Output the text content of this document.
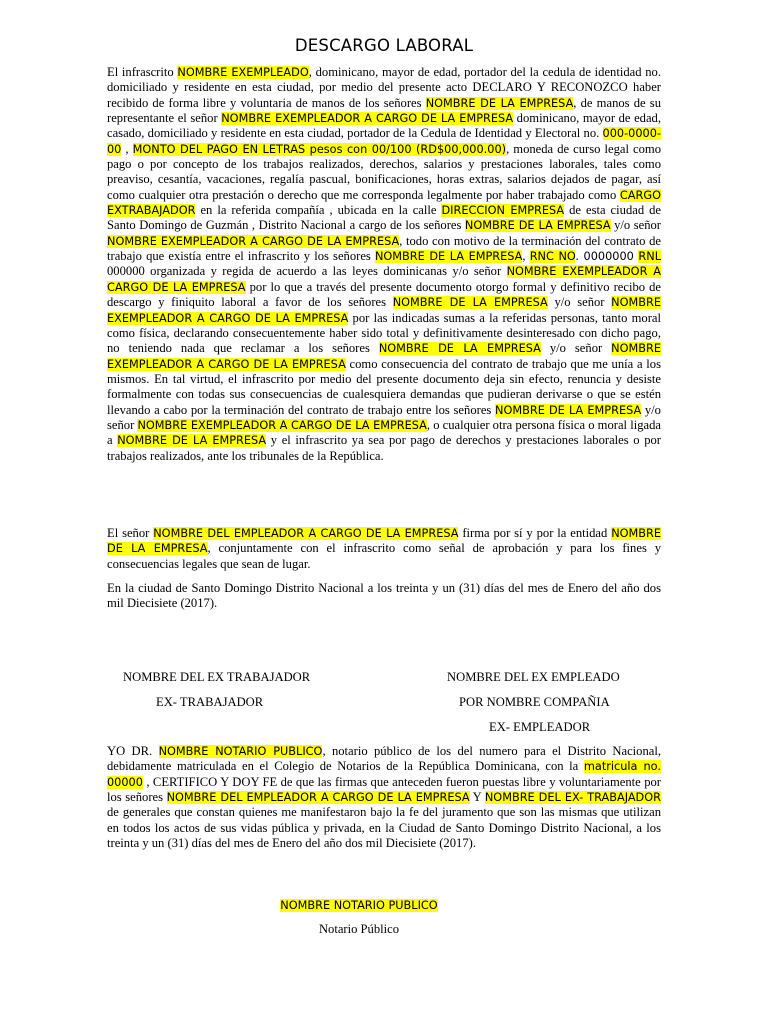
DESCARGO LABORAL
El infrascrito NOMBRE EXEMPLEADO, dominicano, mayor de edad, portador del la cedula de identidad no. domiciliado y residente en esta ciudad, por medio del presente acto DECLARO Y RECONOZCO haber recibido de forma libre y voluntaria de manos de los señores NOMBRE DE LA EMPRESA, de manos de su representante el señor NOMBRE EXEMPLEADOR A CARGO DE LA EMPRESA dominicano, mayor de edad, casado, domiciliado y residente en esta ciudad, portador de la Cedula de Identidad y Electoral no. 000-0000-00 , MONTO DEL PAGO EN LETRAS pesos con 00/100 (RD$00,000.00), moneda de curso legal como pago o por concepto de los trabajos realizados, derechos, salarios y prestaciones laborales, tales como preaviso, cesantía, vacaciones, regalía pascual, bonificaciones, horas extras, salarios dejados de pagar, así como cualquier otra prestación o derecho que me corresponda legalmente por haber trabajado como CARGO EXTRABAJADOR en la referida compañía , ubicada en la calle DIRECCION EMPRESA de esta ciudad de Santo Domingo de Guzmán , Distrito Nacional a cargo de los señores NOMBRE DE LA EMPRESA y/o señor NOMBRE EXEMPLEADOR A CARGO DE LA EMPRESA, todo con motivo de la terminación del contrato de trabajo que existía entre el infrascrito y los señores NOMBRE DE LA EMPRESA, RNC NO. 0000000 RNL 000000 organizada y regida de acuerdo a las leyes dominicanas y/o señor NOMBRE EXEMPLEADOR A CARGO DE LA EMPRESA por lo que a través del presente documento otorgo formal y definitivo recibo de descargo y finiquito laboral a favor de los señores NOMBRE DE LA EMPRESA y/o señor NOMBRE EXEMPLEADOR A CARGO DE LA EMPRESA por las indicadas sumas a la referidas personas, tanto moral como física, declarando consecuentemente haber sido total y definitivamente desinteresado con dicho pago, no teniendo nada que reclamar a los señores NOMBRE DE LA EMPRESA y/o señor NOMBRE EXEMPLEADOR A CARGO DE LA EMPRESA como consecuencia del contrato de trabajo que me unía a los mismos. En tal virtud, el infrascrito por medio del presente documento deja sin efecto, renuncia y desiste formalmente con todas sus consecuencias de cualesquiera demandas que pudieran derivarse o que se estén llevando a cabo por la terminación del contrato de trabajo entre los señores NOMBRE DE LA EMPRESA y/o señor NOMBRE EXEMPLEADOR A CARGO DE LA EMPRESA, o cualquier otra persona física o moral ligada a NOMBRE DE LA EMPRESA y el infrascrito ya sea por pago de derechos y prestaciones laborales o por trabajos realizados, ante los tribunales de la República.
El señor NOMBRE DEL EMPLEADOR A CARGO DE LA EMPRESA firma por sí y por la entidad NOMBRE DE LA EMPRESA, conjuntamente con el infrascrito como señal de aprobación y para los fines y consecuencias legales que sean de lugar.
En la ciudad de Santo Domingo Distrito Nacional a los treinta y un (31) días del mes de Enero del año dos mil Diecisiete (2017).
NOMBRE DEL EX TRABAJADOR
EX- TRABAJADOR
NOMBRE DEL EX EMPLEADO
POR NOMBRE COMPAÑIA
EX- EMPLEADOR
YO DR. NOMBRE NOTARIO PUBLICO, notario público de los del numero para el Distrito Nacional, debidamente matriculada en el Colegio de Notarios de la República Dominicana, con la matricula no. 00000 , CERTIFICO Y DOY FE de que las firmas que anteceden fueron puestas libre y voluntariamente por los señores NOMBRE DEL EMPLEADOR A CARGO DE LA EMPRESA Y NOMBRE DEL EX- TRABAJADOR de generales que constan quienes me manifestaron bajo la fe del juramento que son las mismas que utilizan en todos los actos de sus vidas pública y privada, en la Ciudad de Santo Domingo Distrito Nacional, a los treinta y un (31) días del mes de Enero del año dos mil Diecisiete (2017).
NOMBRE NOTARIO PUBLICO
Notario Público
